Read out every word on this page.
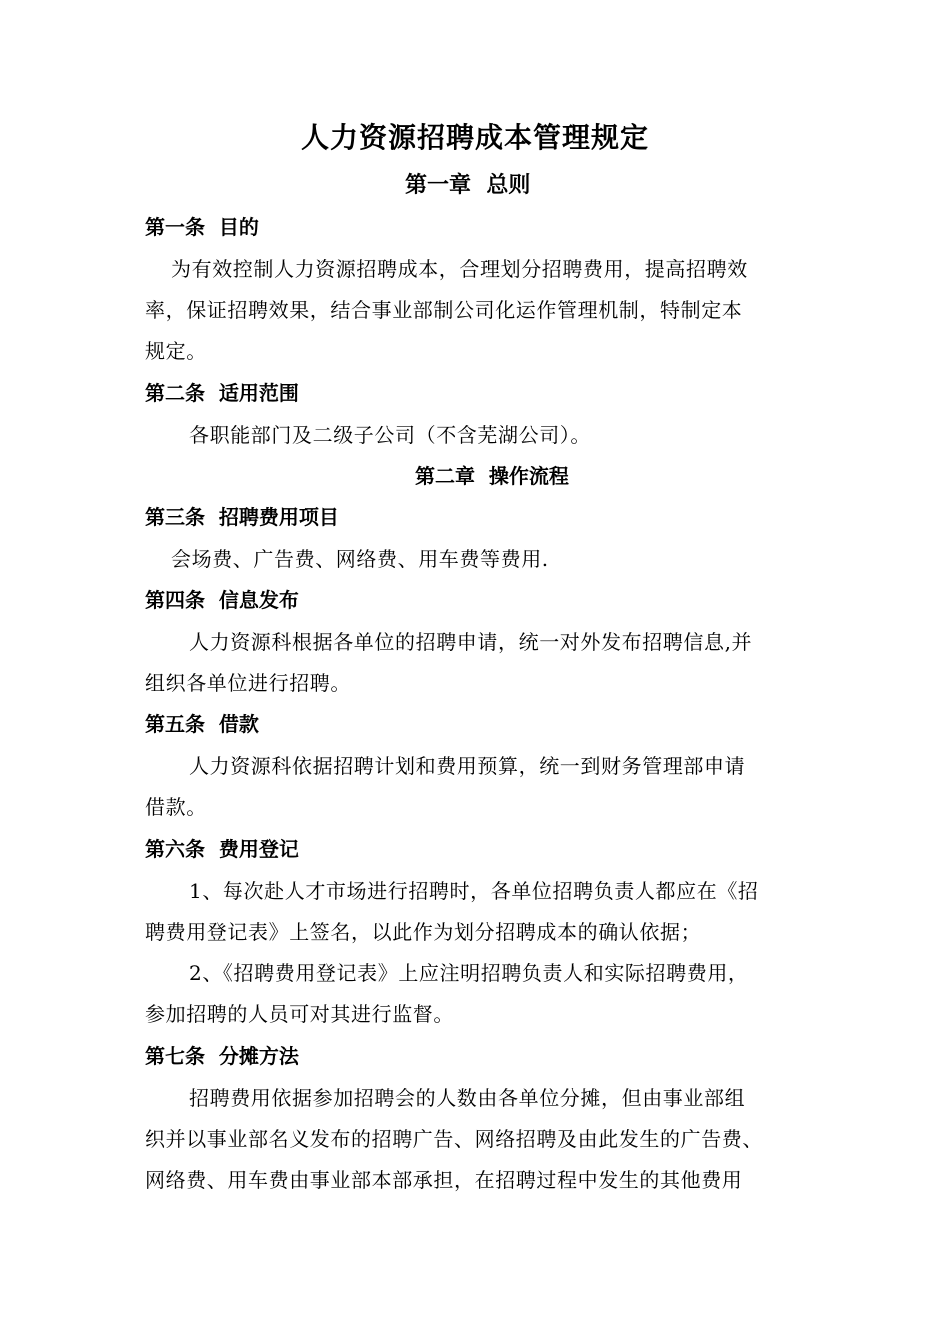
人力资源招聘成本管理规定
第一章  总则
第一条  目的
为有效控制人力资源招聘成本，合理划分招聘费用，提高招聘效
率，保证招聘效果，结合事业部制公司化运作管理机制，特制定本
规定。
第二条  适用范围
各职能部门及二级子公司（不含芜湖公司）。
第二章  操作流程
第三条  招聘费用项目
会场费、广告费、网络费、用车费等费用.
第四条  信息发布
人力资源科根据各单位的招聘申请，统一对外发布招聘信息,并
组织各单位进行招聘。
第五条  借款
人力资源科依据招聘计划和费用预算，统一到财务管理部申请
借款。
第六条  费用登记
1、每次赴人才市场进行招聘时，各单位招聘负责人都应在《招
聘费用登记表》上签名，以此作为划分招聘成本的确认依据；
2、《招聘费用登记表》上应注明招聘负责人和实际招聘费用，
参加招聘的人员可对其进行监督。
第七条  分摊方法
招聘费用依据参加招聘会的人数由各单位分摊，但由事业部组
织并以事业部名义发布的招聘广告、网络招聘及由此发生的广告费、
网络费、用车费由事业部本部承担，在招聘过程中发生的其他费用
